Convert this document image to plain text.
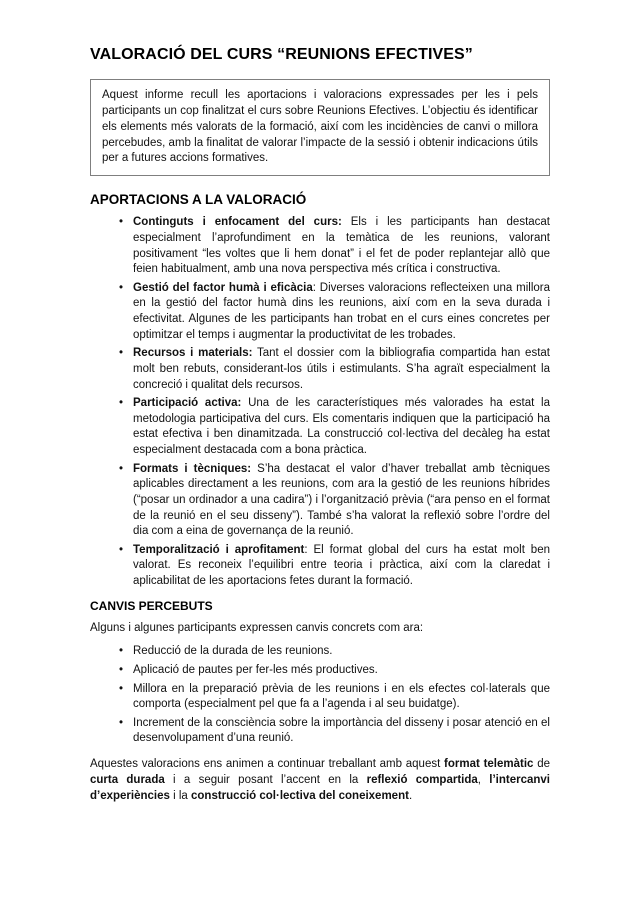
VALORACIÓ DEL CURS “REUNIONS EFECTIVES”

Aquest informe recull les aportacions i valoracions expressades per les i pels participants un cop finalitzat el curs sobre Reunions Efectives. L’objectiu és identificar els elements més valorats de la formació, així com les incidències de canvi o millora percebudes, amb la finalitat de valorar l’impacte de la sessió i obtenir indicacions útils per a futures accions formatives.

APORTACIONS A LA VALORACIÓ
• Continguts i enfocament del curs: Els i les participants han destacat especialment l’aprofundiment en la temàtica de les reunions, valorant positivament “les voltes que li hem donat” i el fet de poder replantejar allò que feien habitualment, amb una nova perspectiva més crítica i constructiva.
• Gestió del factor humà i eficàcia: Diverses valoracions reflecteixen una millora en la gestió del factor humà dins les reunions, així com en la seva durada i efectivitat. Algunes de les participants han trobat en el curs eines concretes per optimitzar el temps i augmentar la productivitat de les trobades.
• Recursos i materials: Tant el dossier com la bibliografia compartida han estat molt ben rebuts, considerant-los útils i estimulants. S’ha agraït especialment la concreció i qualitat dels recursos.
• Participació activa: Una de les característiques més valorades ha estat la metodologia participativa del curs. Els comentaris indiquen que la participació ha estat efectiva i ben dinamitzada. La construcció col·lectiva del decàleg ha estat especialment destacada com a bona pràctica.
• Formats i tècniques: S’ha destacat el valor d’haver treballat amb tècniques aplicables directament a les reunions, com ara la gestió de les reunions híbrides (“posar un ordinador a una cadira”) i l’organització prèvia (“ara penso en el format de la reunió en el seu disseny”). També s’ha valorat la reflexió sobre l’ordre del dia com a eina de governança de la reunió.
• Temporalització i aprofitament: El format global del curs ha estat molt ben valorat. Es reconeix l’equilibri entre teoria i pràctica, així com la claredat i aplicabilitat de les aportacions fetes durant la formació.
CANVIS PERCEBUTS

Alguns i algunes participants expressen canvis concrets com ara:

• Reducció de la durada de les reunions.
• Aplicació de pautes per fer-les més productives.
• Millora en la preparació prèvia de les reunions i en els efectes col·laterals que comporta (especialment pel que fa a l’agenda i al seu buidatge).
• Increment de la consciència sobre la importància del disseny i posar atenció en el desenvolupament d’una reunió.

Aquestes valoracions ens animen a continuar treballant amb aquest format telemàtic de curta durada i a seguir posant l’accent en la reflexió compartida, l’intercanvi d’experiències i la construcció col·lectiva del coneixement.
